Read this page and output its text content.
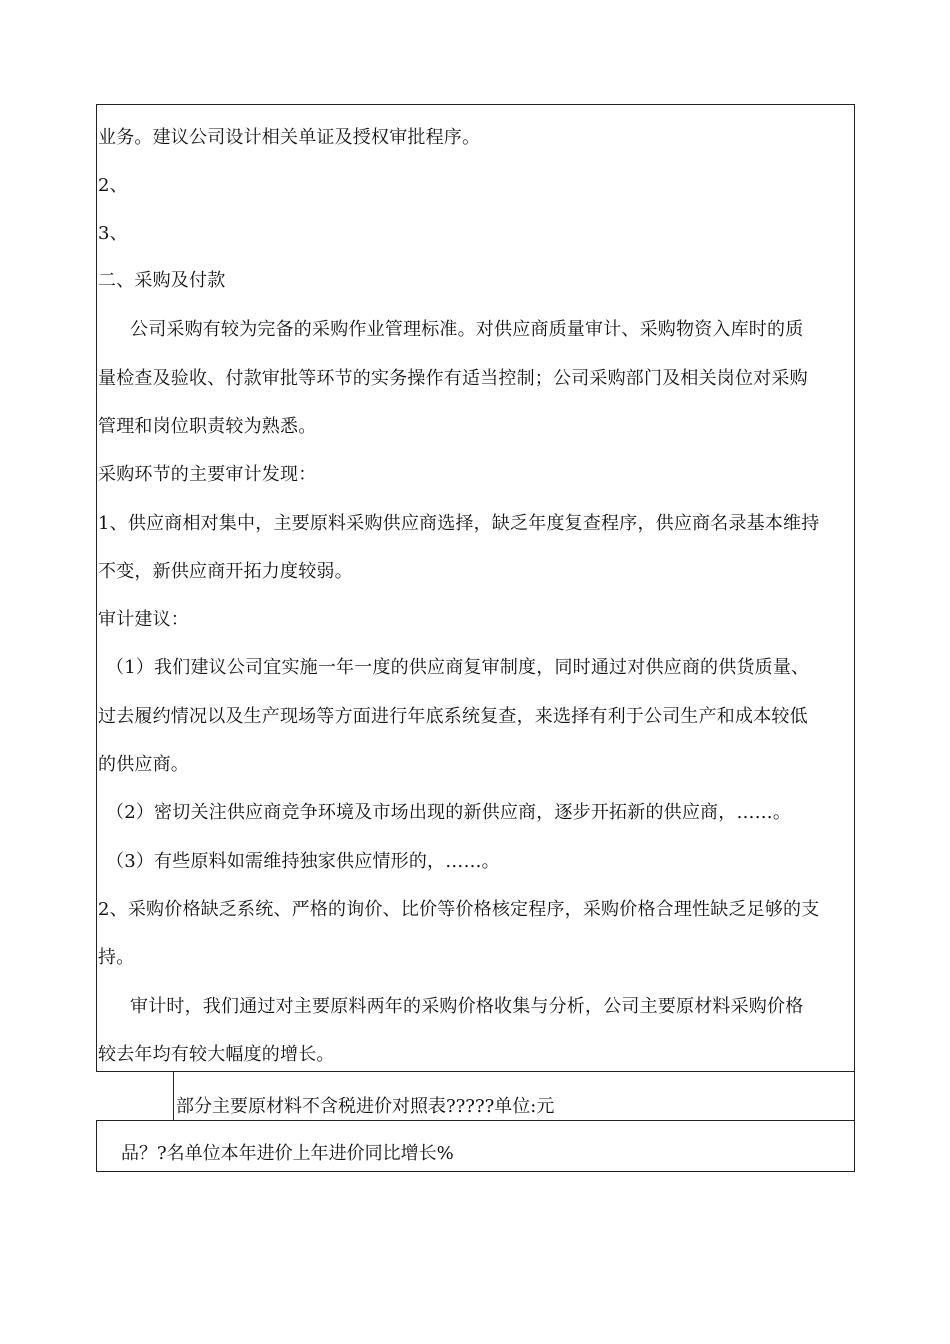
业务。建议公司设计相关单证及授权审批程序。
2、
3、
二、采购及付款
公司采购有较为完备的采购作业管理标准。对供应商质量审计、采购物资入库时的质
量检查及验收、付款审批等环节的实务操作有适当控制；公司采购部门及相关岗位对采购
管理和岗位职责较为熟悉。
采购环节的主要审计发现：
1、供应商相对集中，主要原料采购供应商选择，缺乏年度复查程序，供应商名录基本维持
不变，新供应商开拓力度较弱。
审计建议：
（1）我们建议公司宜实施一年一度的供应商复审制度，同时通过对供应商的供货质量、
过去履约情况以及生产现场等方面进行年底系统复查，来选择有利于公司生产和成本较低
的供应商。
（2）密切关注供应商竞争环境及市场出现的新供应商，逐步开拓新的供应商，……。
（3）有些原料如需维持独家供应情形的，……。
2、采购价格缺乏系统、严格的询价、比价等价格核定程序，采购价格合理性缺乏足够的支
持。
审计时，我们通过对主要原料两年的采购价格收集与分析，公司主要原材料采购价格
较去年均有较大幅度的增长。
部分主要原材料不含税进价对照表?????单位:元
品？?名单位本年进价上年进价同比增长%
